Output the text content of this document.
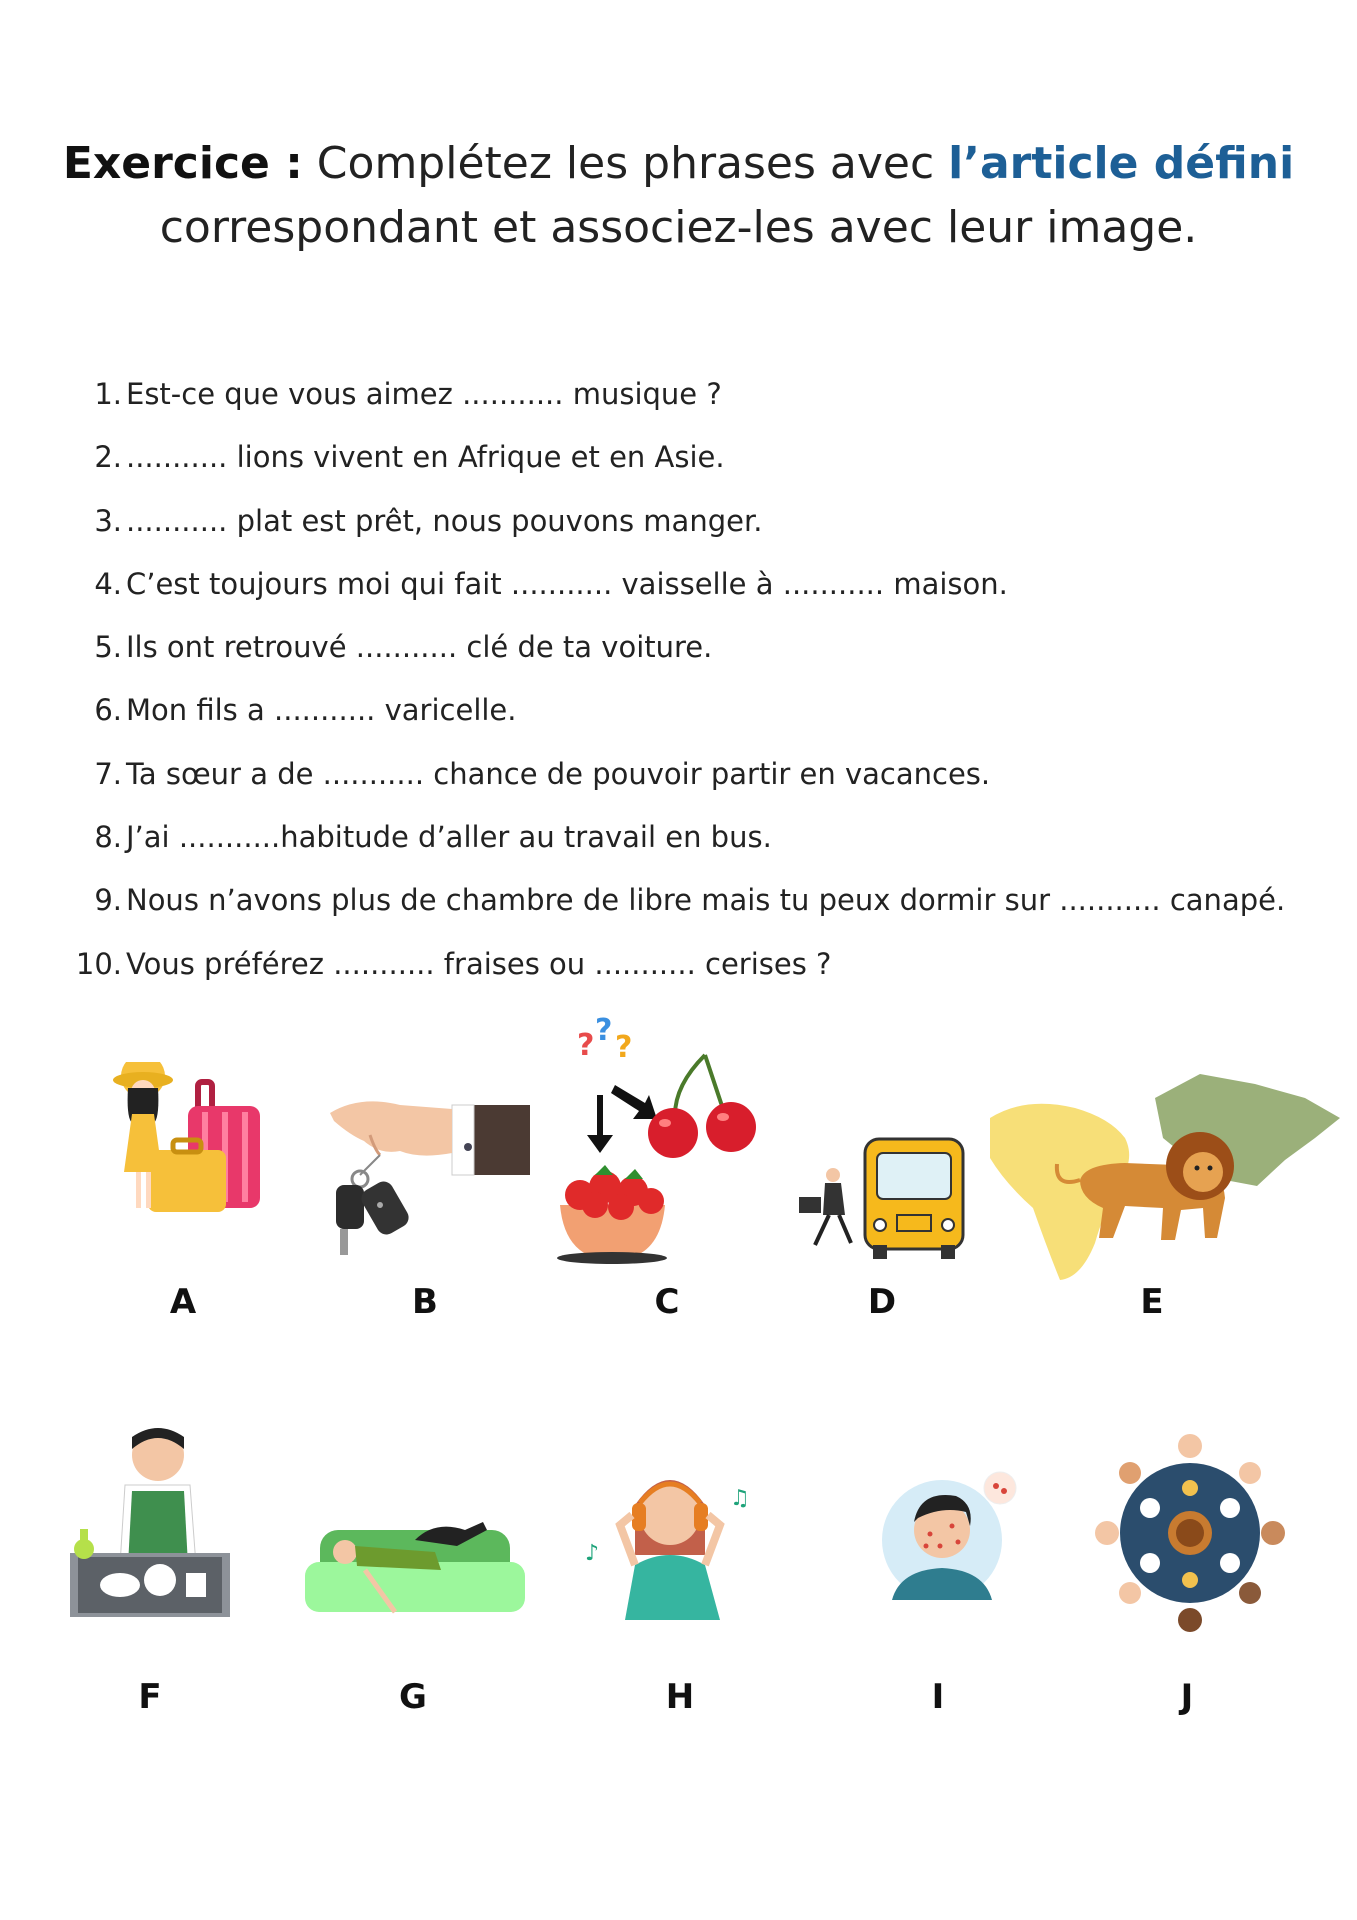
Exercice : Complétez les phrases avec l’article défini
correspondant et associez-les avec leur image.
1. Est-ce que vous aimez ........... musique ?
2. ........... lions vivent en Afrique et en Asie.
3. ........... plat est prêt, nous pouvons manger.
4. C’est toujours moi qui fait ........... vaisselle à ........... maison.
5. Ils ont retrouvé ........... clé de ta voiture.
6. Mon fils a ........... varicelle.
7. Ta sœur a de ........... chance de pouvoir partir en vacances.
8. J’ai ...........habitude d’aller au travail en bus.
9. Nous n’avons plus de chambre de libre mais tu peux dormir sur ........... canapé.
10. Vous préférez ........... fraises ou ........... cerises ?
? ? ?
A	B	C	D	E
♪
♫
F	G	H	I	J
